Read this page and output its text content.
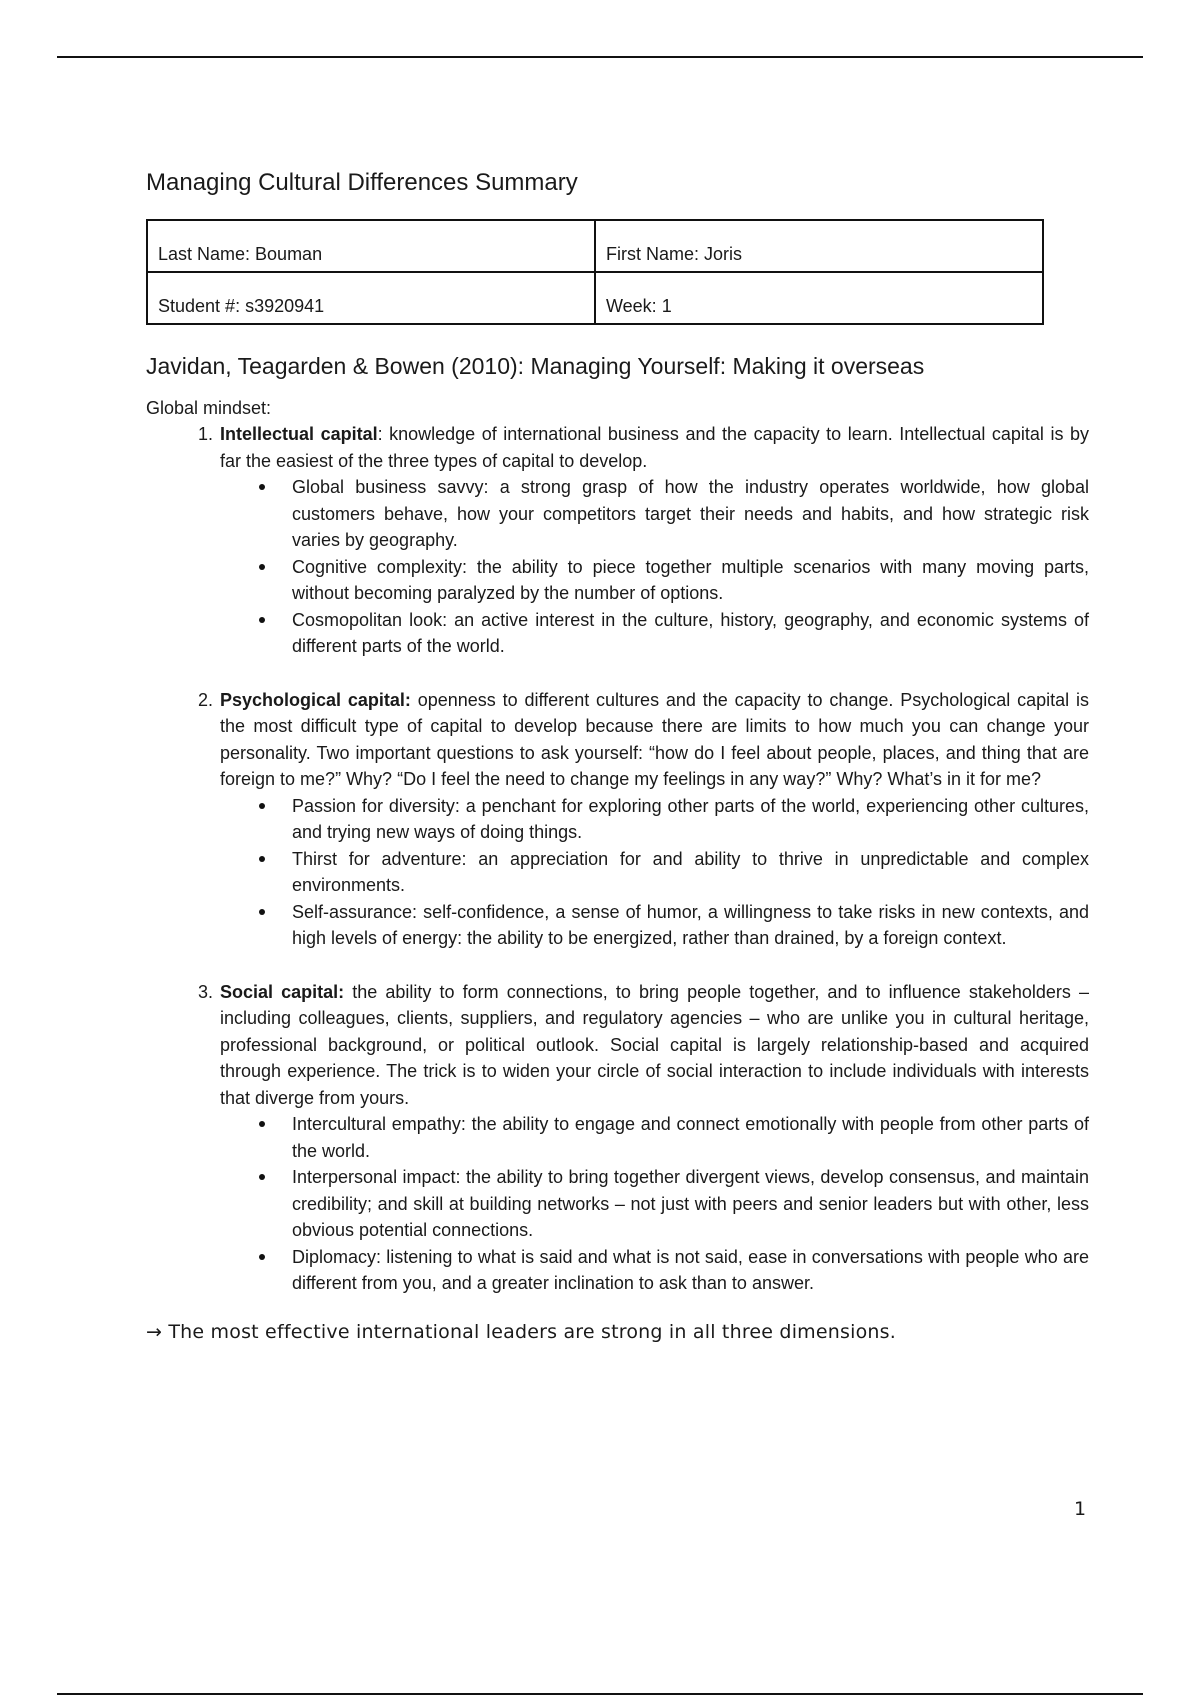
Managing Cultural Differences Summary
Last Name: Bouman	First Name: Joris
Student #: s3920941	Week: 1
Javidan, Teagarden & Bowen (2010): Managing Yourself: Making it overseas
Global mindset:
1. Intellectual capital: knowledge of international business and the capacity to learn. Intellectual capital is by far the easiest of the three types of capital to develop.
Global business savvy: a strong grasp of how the industry operates worldwide, how global customers behave, how your competitors target their needs and habits, and how strategic risk varies by geography.
Cognitive complexity: the ability to piece together multiple scenarios with many moving parts, without becoming paralyzed by the number of options.
Cosmopolitan look: an active interest in the culture, history, geography, and economic systems of different parts of the world.
2. Psychological capital: openness to different cultures and the capacity to change. Psychological capital is the most difficult type of capital to develop because there are limits to how much you can change your personality. Two important questions to ask yourself: “how do I feel about people, places, and thing that are foreign to me?” Why? “Do I feel the need to change my feelings in any way?” Why? What’s in it for me?
Passion for diversity: a penchant for exploring other parts of the world, experiencing other cultures, and trying new ways of doing things.
Thirst for adventure: an appreciation for and ability to thrive in unpredictable and complex environments.
Self-assurance: self-confidence, a sense of humor, a willingness to take risks in new contexts, and high levels of energy: the ability to be energized, rather than drained, by a foreign context.
3. Social capital: the ability to form connections, to bring people together, and to influence stakeholders – including colleagues, clients, suppliers, and regulatory agencies – who are unlike you in cultural heritage, professional background, or political outlook. Social capital is largely relationship-based and acquired through experience. The trick is to widen your circle of social interaction to include individuals with interests that diverge from yours.
Intercultural empathy: the ability to engage and connect emotionally with people from other parts of the world.
Interpersonal impact: the ability to bring together divergent views, develop consensus, and maintain credibility; and skill at building networks – not just with peers and senior leaders but with other, less obvious potential connections.
Diplomacy: listening to what is said and what is not said, ease in conversations with people who are different from you, and a greater inclination to ask than to answer.
→ The most effective international leaders are strong in all three dimensions.
1
